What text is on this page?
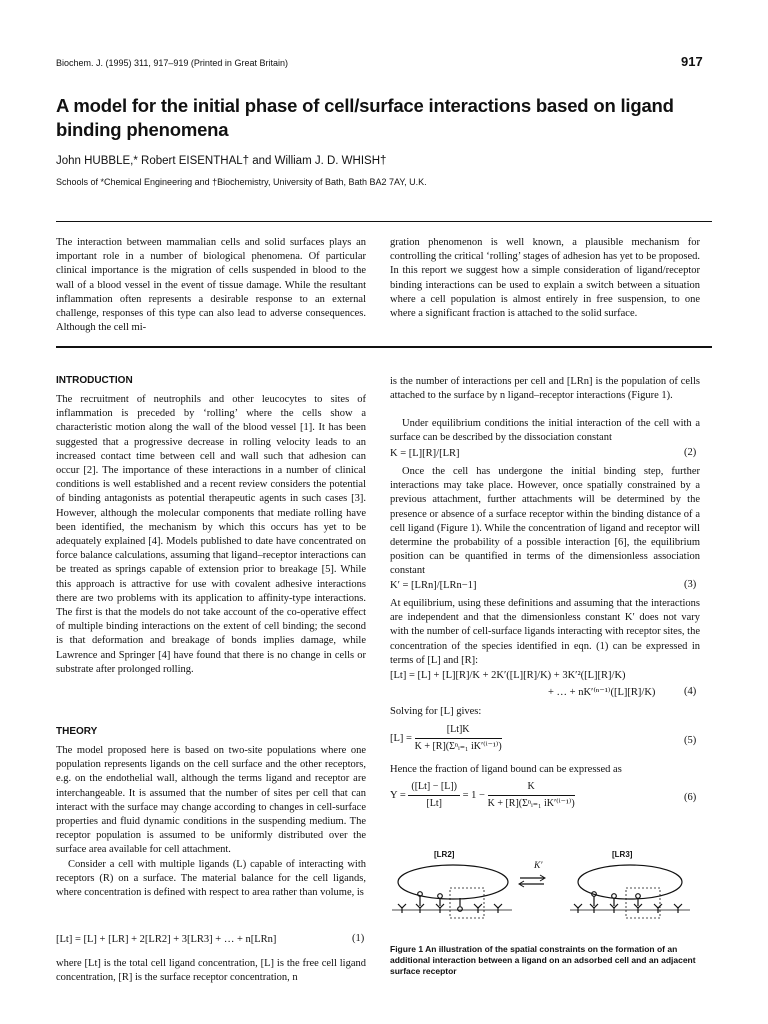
Biochem. J. (1995) 311, 917–919 (Printed in Great Britain)	917
A model for the initial phase of cell/surface interactions based on ligand binding phenomena
John HUBBLE,* Robert EISENTHAL† and William J. D. WHISH†
Schools of *Chemical Engineering and †Biochemistry, University of Bath, Bath BA2 7AY, U.K.

The interaction between mammalian cells and solid surfaces plays an important role in a number of biological phenomena. Of particular clinical importance is the migration of cells suspended in blood to the wall of a blood vessel in the event of tissue damage. While the resultant inflammation often represents a desirable response to an external challenge, responses of this type can also lead to adverse consequences. Although the cell mi-

gration phenomenon is well known, a plausible mechanism for controlling the critical ‘rolling’ stages of adhesion has yet to be proposed. In this report we suggest how a simple consideration of ligand/receptor binding interactions can be used to explain a switch between a situation where a cell population is almost entirely in free suspension, to one where a significant fraction is attached to the solid surface.

INTRODUCTION

The recruitment of neutrophils and other leucocytes to sites of inflammation is preceded by ‘rolling’ where the cells show a characteristic motion along the wall of the blood vessel [1]. It has been suggested that a progressive decrease in rolling velocity leads to an increased contact time between cell and wall such that adhesion can occur [2]. The importance of these interactions in a number of clinical conditions is well established and a recent review considers the potential of binding antagonists as potential therapeutic agents in such cases [3]. However, although the molecular components that mediate rolling have been identified, the mechanism by which this occurs has yet to be adequately explained [4]. Models published to date have concentrated on force balance calculations, assuming that ligand–receptor interactions can be treated as springs capable of extension prior to breakage [5]. While this approach is attractive for use with covalent adhesive interactions there are two problems with its application to affinity-type interactions. The first is that the models do not take account of the co-operative effect of multiple binding interactions on the extent of cell binding; the second is that deformation and breakage of bonds implies damage, while Lawrence and Springer [4] have found that there is no change in cells or substrate after prolonged rolling.

THEORY

The model proposed here is based on two-site populations where one population represents ligands on the cell surface and the other receptors, e.g. on the endothelial wall, although the terms ligand and receptor are interchangeable. It is assumed that the number of sites per cell that can interact with the surface may change according to changes in cell-surface properties and fluid dynamic conditions in the suspending medium. The receptor population is assumed to be uniformly distributed over the surface area available for cell attachment.

Consider a cell with multiple ligands (L) capable of interacting with receptors (R) on a surface. The material balance for the cell ligands, where concentration is defined with respect to area rather than volume, is

[Lt] = [L] + [LR] + 2[LR2] + 3[LR3] + … + n[LRn]	(1)

where [Lt] is the total cell ligand concentration, [L] is the free cell ligand concentration, [R] is the surface receptor concentration, n

is the number of interactions per cell and [LRn] is the population of cells attached to the surface by n ligand–receptor interactions (Figure 1).

Under equilibrium conditions the initial interaction of the cell with a surface can be described by the dissociation constant

K = [L][R]/[LR]	(2)

Once the cell has undergone the initial binding step, further interactions may take place. However, once spatially constrained by a previous attachment, further attachments will be determined by the presence or absence of a surface receptor within the binding distance of a cell ligand (Figure 1). While the concentration of ligand and receptor will determine the probability of a possible interaction [6], the equilibrium position can be quantified in terms of the dimensionless association constant

K′ = [LRn]/[LRn−1]	(3)

At equilibrium, using these definitions and assuming that the interactions are independent and that the dimensionless constant K′ does not vary with the number of cell-surface ligands interacting with receptor sites, the concentration of the species identified in eqn. (1) can be expressed in terms of [L] and [R]:

[Lt] = [L] + [L][R]/K + 2K′([L][R]/K) + 3K′²([L][R]/K)
+ … + nK′⁽ⁿ⁻¹⁾([L][R]/K)	(4)

Solving for [L] gives:

$[L] = \frac{[Lt]K}{\text{K + [R](Σⁿᵢ₌₁ iK′⁽ⁱ⁻¹⁾)}}$	(5)

Hence the fraction of ligand bound can be expressed as

$Y = \frac{([Lt] - [L])}{[Lt]} = 1 - \frac{K}{\text{K + [R](Σⁿᵢ₌₁ iK′⁽ⁱ⁻¹⁾)}}$	(6)
[LR2]	[LR3]
K′
Figure 1 An illustration of the spatial constraints on the formation of an additional interaction between a ligand on an adsorbed cell and an adjacent surface receptor
